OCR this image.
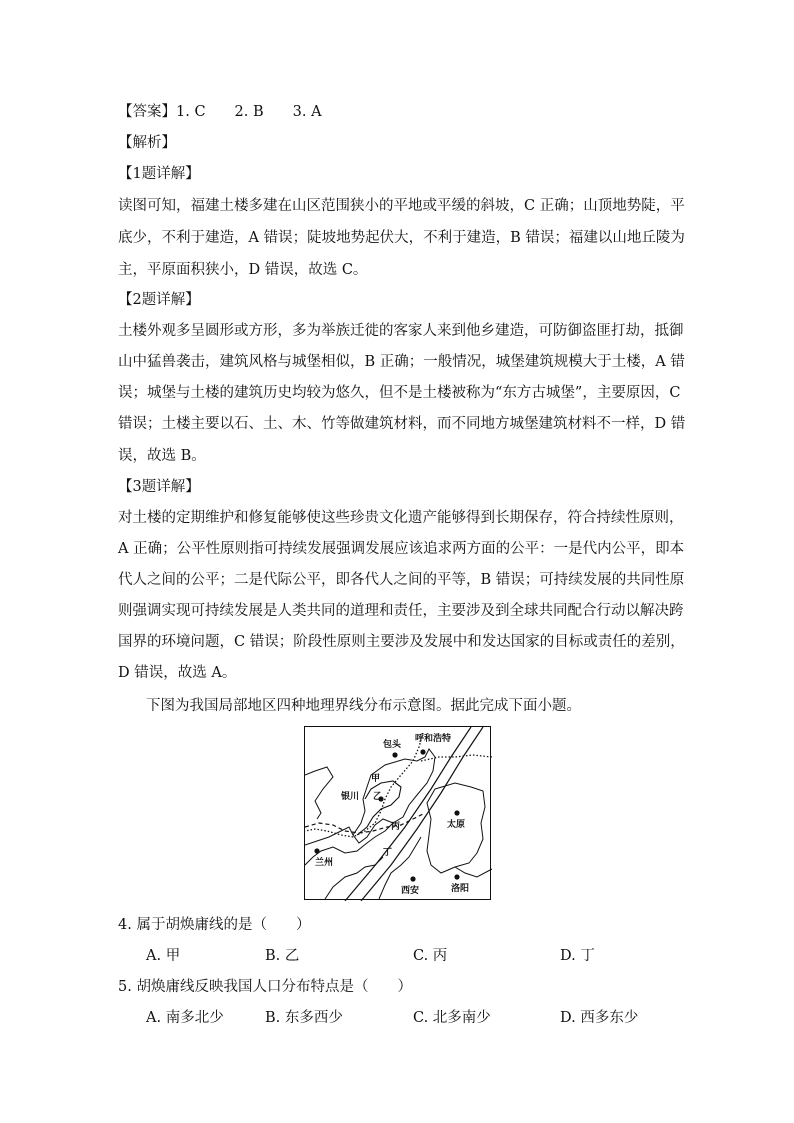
【答案】1. C　　2. B　　3. A
【解析】
【1题详解】
读图可知，福建土楼多建在山区范围狭小的平地或平缓的斜坡，C 正确；山顶地势陡，平
底少，不利于建造，A 错误；陡坡地势起伏大，不利于建造，B 错误；福建以山地丘陵为
主，平原面积狭小，D 错误，故选 C。
【2题详解】
土楼外观多呈圆形或方形，多为举族迁徙的客家人来到他乡建造，可防御盗匪打劫，抵御
山中猛兽袭击，建筑风格与城堡相似，B 正确；一般情况，城堡建筑规模大于土楼，A 错
误；城堡与土楼的建筑历史均较为悠久，但不是土楼被称为“东方古城堡”，主要原因，C
错误；土楼主要以石、土、木、竹等做建筑材料，而不同地方城堡建筑材料不一样，D 错
误，故选 B。
【3题详解】
对土楼的定期维护和修复能够使这些珍贵文化遗产能够得到长期保存，符合持续性原则，
A 正确；公平性原则指可持续发展强调发展应该追求两方面的公平：一是代内公平，即本
代人之间的公平；二是代际公平，即各代人之间的平等，B 错误；可持续发展的共同性原
则强调实现可持续发展是人类共同的道理和责任，主要涉及到全球共同配合行动以解决跨
国界的环境问题，C 错误；阶段性原则主要涉及发展中和发达国家的目标或责任的差别，
D 错误，故选 A。
下图为我国局部地区四种地理界线分布示意图。据此完成下面小题。
包头
呼和浩特
银川
太原
兰州
西安	洛阳
甲
乙
丙
丁
4. 属于胡焕庸线的是（　　）
A. 甲	B. 乙	C. 丙	D. 丁
5. 胡焕庸线反映我国人口分布特点是（　　）
A. 南多北少	B. 东多西少	C. 北多南少	D. 西多东少
